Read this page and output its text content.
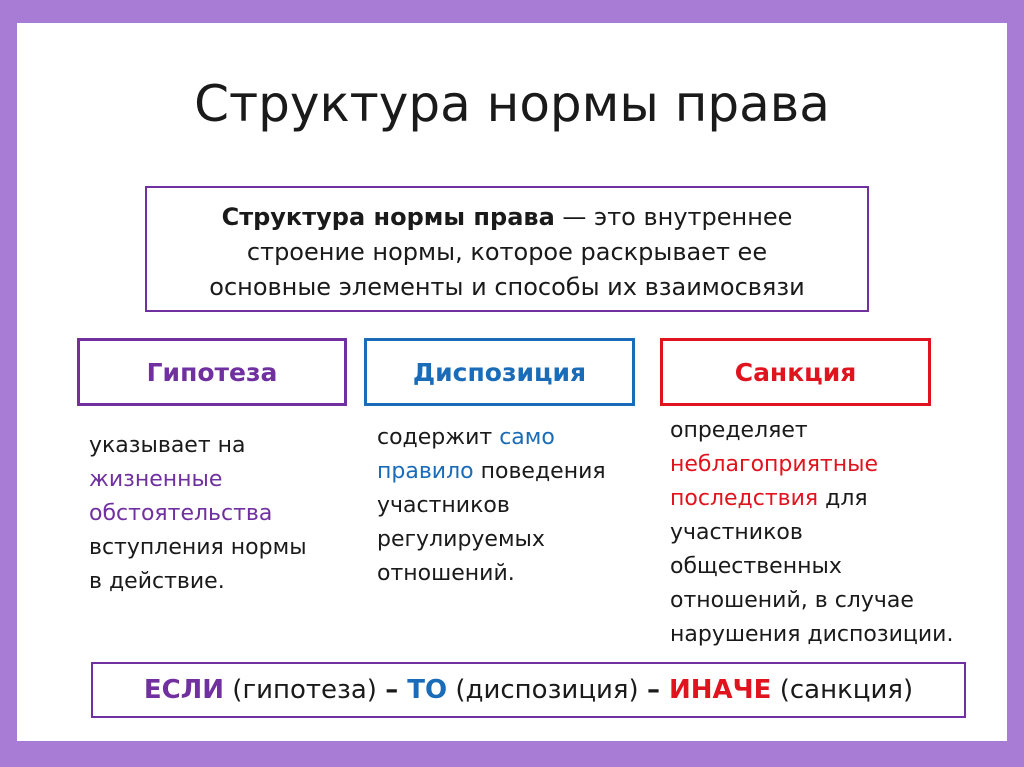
Структура нормы права
Структура нормы права — это внутреннее
строение нормы, которое раскрывает ее
основные элементы и способы их взаимосвязи
Гипотеза	Диспозиция	Санкция
указывает на
жизненные
обстоятельства
вступления нормы
в действие.
содержит само
правило поведения
участников
регулируемых
отношений.
определяет
неблагоприятные
последствия для
участников
общественных
отношений, в случае
нарушения диспозиции.
ЕСЛИ (гипотеза) – ТО (диспозиция) – ИНАЧЕ (санкция)
